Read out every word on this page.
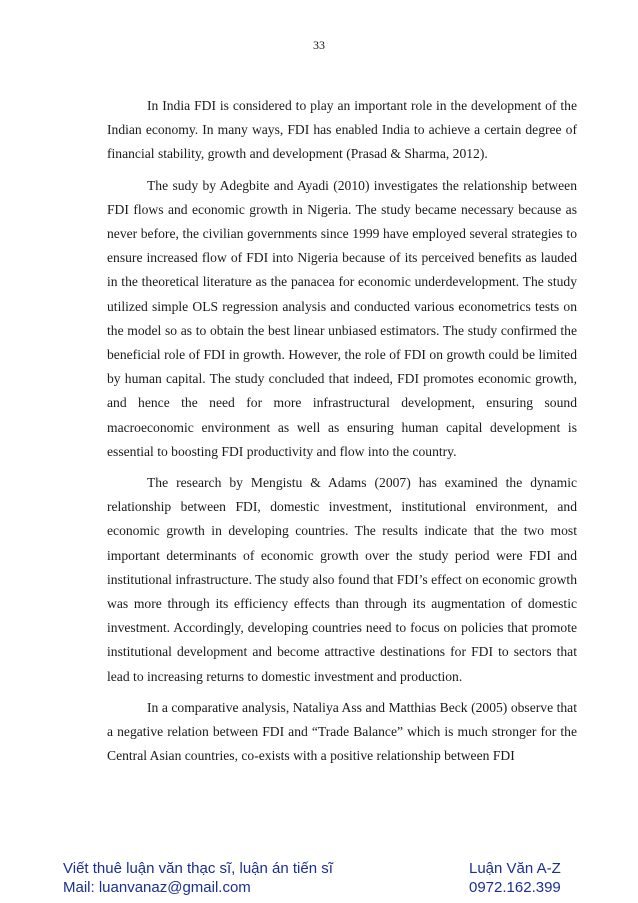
33

In India FDI is considered to play an important role in the development of the Indian economy. In many ways, FDI has enabled India to achieve a certain degree of financial stability, growth and development (Prasad & Sharma, 2012).

The sudy by Adegbite and Ayadi (2010) investigates the relationship between FDI flows and economic growth in Nigeria. The study became necessary because as never before, the civilian governments since 1999 have employed several strategies to ensure increased flow of FDI into Nigeria because of its perceived benefits as lauded in the theoretical literature as the panacea for economic underdevelopment. The study utilized simple OLS regression analysis and conducted various econometrics tests on the model so as to obtain the best linear unbiased estimators. The study confirmed the beneficial role of FDI in growth. However, the role of FDI on growth could be limited by human capital. The study concluded that indeed, FDI promotes economic growth, and hence the need for more infrastructural development, ensuring sound macroeconomic environment as well as ensuring human capital development is essential to boosting FDI productivity and flow into the country.

The research by Mengistu & Adams (2007) has examined the dynamic relationship between FDI, domestic investment, institutional environment, and economic growth in developing countries. The results indicate that the two most important determinants of economic growth over the study period were FDI and institutional infrastructure. The study also found that FDI’s effect on economic growth was more through its efficiency effects than through its augmentation of domestic investment. Accordingly, developing countries need to focus on policies that promote institutional development and become attractive destinations for FDI to sectors that lead to increasing returns to domestic investment and production.

In a comparative analysis, Nataliya Ass and Matthias Beck (2005) observe that a negative relation between FDI and “Trade Balance” which is much stronger for the Central Asian countries, co-exists with a positive relationship between FDI

Viết thuê luận văn thạc sĩ, luận án tiến sĩ
Mail: luanvanaz@gmail.com
Luận Văn A-Z
0972.162.399
